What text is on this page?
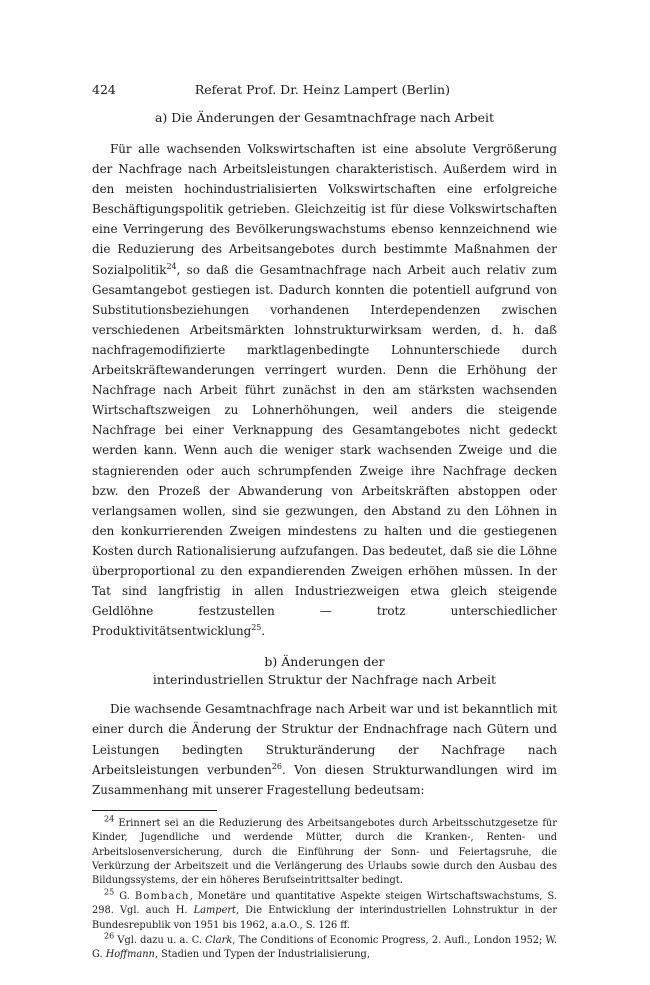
424	Referat Prof. Dr. Heinz Lampert (Berlin)
a) Die Änderungen der Gesamtnachfrage nach Arbeit

Für alle wachsenden Volkswirtschaften ist eine absolute Vergrößerung der Nachfrage nach Arbeitsleistungen charakteristisch. Außerdem wird in den meisten hochindustrialisierten Volkswirtschaften eine erfolgreiche Beschäftigungspolitik getrieben. Gleichzeitig ist für diese Volkswirtschaften eine Verringerung des Bevölkerungswachstums ebenso kennzeichnend wie die Reduzierung des Arbeitsangebotes durch bestimmte Maßnahmen der Sozialpolitik$^{24}$, so daß die Gesamtnachfrage nach Arbeit auch relativ zum Gesamtangebot gestiegen ist. Dadurch konnten die potentiell aufgrund von Substitutionsbeziehungen vorhandenen Interdependenzen zwischen verschiedenen Arbeitsmärkten lohnstrukturwirksam werden, d. h. daß nachfragemodifizierte marktlagenbedingte Lohnunterschiede durch Arbeitskräftewanderungen verringert wurden. Denn die Erhöhung der Nachfrage nach Arbeit führt zunächst in den am stärksten wachsenden Wirtschaftszweigen zu Lohnerhöhungen, weil anders die steigende Nachfrage bei einer Verknappung des Gesamtangebotes nicht gedeckt werden kann. Wenn auch die weniger stark wachsenden Zweige und die stagnierenden oder auch schrumpfenden Zweige ihre Nachfrage decken bzw. den Prozeß der Abwanderung von Arbeitskräften abstoppen oder verlangsamen wollen, sind sie gezwungen, den Abstand zu den Löhnen in den konkurrierenden Zweigen mindestens zu halten und die gestiegenen Kosten durch Rationalisierung aufzufangen. Das bedeutet, daß sie die Löhne überproportional zu den expandierenden Zweigen erhöhen müssen. In der Tat sind langfristig in allen Industriezweigen etwa gleich steigende Geldlöhne festzustellen — trotz unterschiedlicher Produktivitätsentwicklung$^{25}$.

b) Änderungen der
interindustriellen Struktur der Nachfrage nach Arbeit

Die wachsende Gesamtnachfrage nach Arbeit war und ist bekanntlich mit einer durch die Änderung der Struktur der Endnachfrage nach Gütern und Leistungen bedingten Strukturänderung der Nachfrage nach Arbeitsleistungen verbunden$^{26}$. Von diesen Strukturwandlungen wird im Zusammenhang mit unserer Fragestellung bedeutsam:

$^{24}$ Erinnert sei an die Reduzierung des Arbeitsangebotes durch Arbeitsschutzgesetze für Kinder, Jugendliche und werdende Mütter, durch die Kranken-, Renten- und Arbeitslosenversicherung, durch die Einführung der Sonn- und Feiertagsruhe, die Verkürzung der Arbeitszeit und die Verlängerung des Urlaubs sowie durch den Ausbau des Bildungssystems, der ein höheres Berufseintrittsalter bedingt.

$^{25}$ G. Bombach, Monetäre und quantitative Aspekte steigen Wirtschaftswachstums, S. 298. Vgl. auch H. Lampert, Die Entwicklung der interindustriellen Lohnstruktur in der Bundesrepublik von 1951 bis 1962, a.a.O., S. 126 ff.

$^{26}$ Vgl. dazu u. a. C. Clark, The Conditions of Economic Progress, 2. Aufl., London 1952; W. G. Hoffmann, Stadien und Typen der Industrialisierung,
